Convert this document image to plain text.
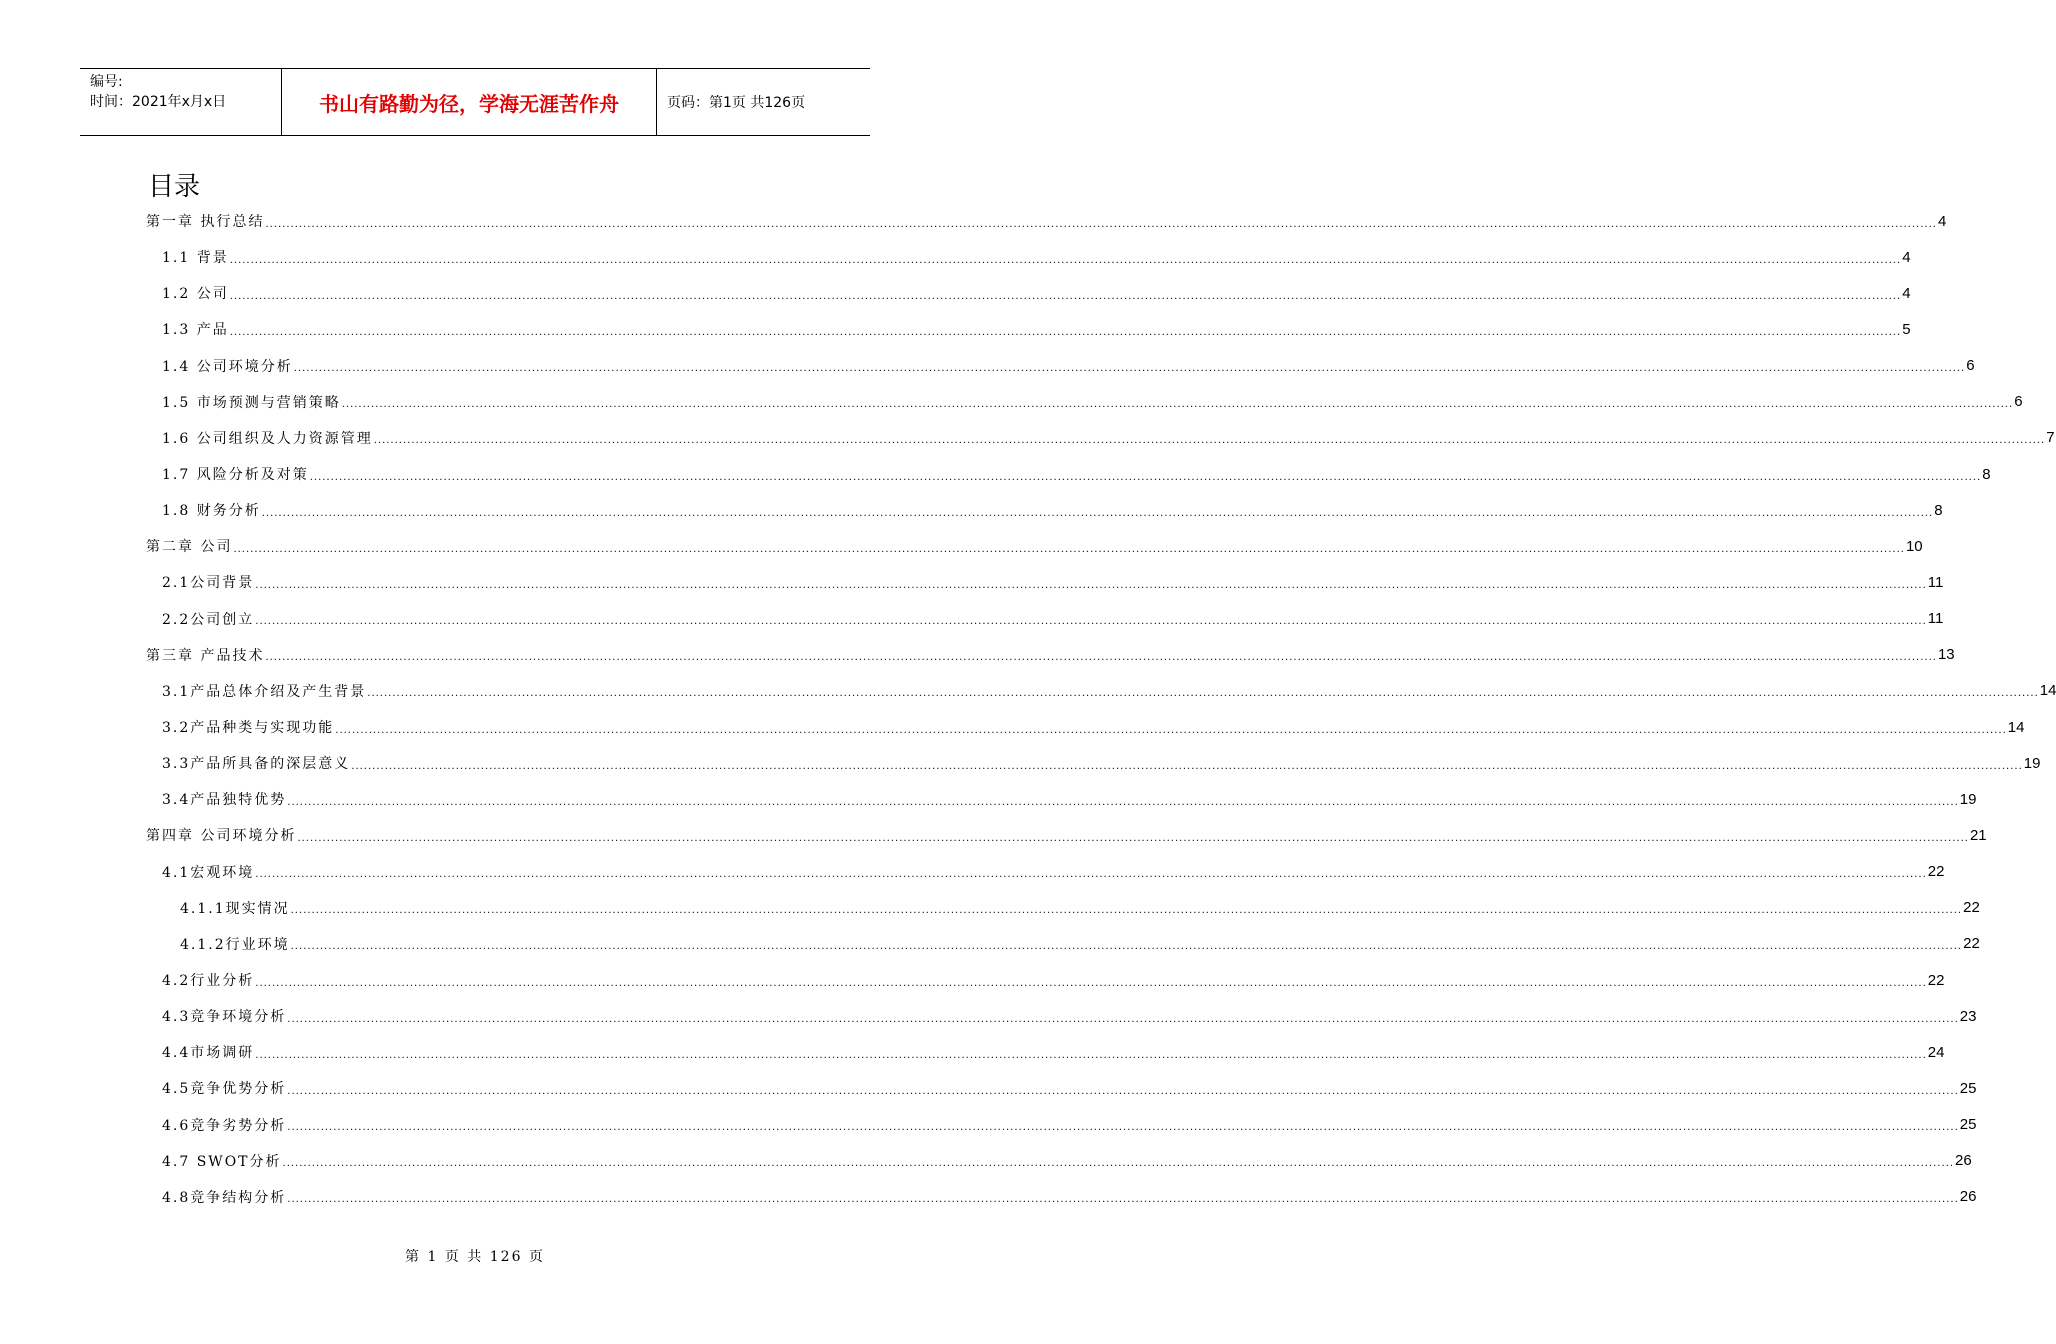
编号:
时间：2021年x月x日	书山有路勤为径，学海无涯苦作舟	页码：第1页 共126页
目录
第一章 执行总结 ................................................................................................................................................................................................................................................................................................................................................................................................................ 4
1.1 背景 ................................................................................................................................................................................................................................................................................................................................................................................................................ 4
1.2 公司 ................................................................................................................................................................................................................................................................................................................................................................................................................ 4
1.3 产品 ................................................................................................................................................................................................................................................................................................................................................................................................................ 5
1.4 公司环境分析 ................................................................................................................................................................................................................................................................................................................................................................................................................ 6
1.5 市场预测与营销策略 ................................................................................................................................................................................................................................................................................................................................................................................................................ 6
1.6 公司组织及人力资源管理 ................................................................................................................................................................................................................................................................................................................................................................................................................ 7
1.7 风险分析及对策 ................................................................................................................................................................................................................................................................................................................................................................................................................ 8
1.8 财务分析 ................................................................................................................................................................................................................................................................................................................................................................................................................ 8
第二章 公司 ................................................................................................................................................................................................................................................................................................................................................................................................................ 10
2.1公司背景 ................................................................................................................................................................................................................................................................................................................................................................................................................ 11
2.2公司创立 ................................................................................................................................................................................................................................................................................................................................................................................................................ 11
第三章 产品技术 ................................................................................................................................................................................................................................................................................................................................................................................................................ 13
3.1产品总体介绍及产生背景 ................................................................................................................................................................................................................................................................................................................................................................................................................ 14
3.2产品种类与实现功能 ................................................................................................................................................................................................................................................................................................................................................................................................................ 14
3.3产品所具备的深层意义 ................................................................................................................................................................................................................................................................................................................................................................................................................ 19
3.4产品独特优势 ................................................................................................................................................................................................................................................................................................................................................................................................................ 19
第四章 公司环境分析 ................................................................................................................................................................................................................................................................................................................................................................................................................ 21
4.1宏观环境 ................................................................................................................................................................................................................................................................................................................................................................................................................ 22
4.1.1现实情况 ................................................................................................................................................................................................................................................................................................................................................................................................................ 22
4.1.2行业环境 ................................................................................................................................................................................................................................................................................................................................................................................................................ 22
4.2行业分析 ................................................................................................................................................................................................................................................................................................................................................................................................................ 22
4.3竞争环境分析 ................................................................................................................................................................................................................................................................................................................................................................................................................ 23
4.4市场调研 ................................................................................................................................................................................................................................................................................................................................................................................................................ 24
4.5竞争优势分析 ................................................................................................................................................................................................................................................................................................................................................................................................................ 25
4.6竞争劣势分析 ................................................................................................................................................................................................................................................................................................................................................................................................................ 25
4.7 SWOT分析 ................................................................................................................................................................................................................................................................................................................................................................................................................ 26
4.8竞争结构分析 ................................................................................................................................................................................................................................................................................................................................................................................................................ 26
第 1 页 共 126 页
